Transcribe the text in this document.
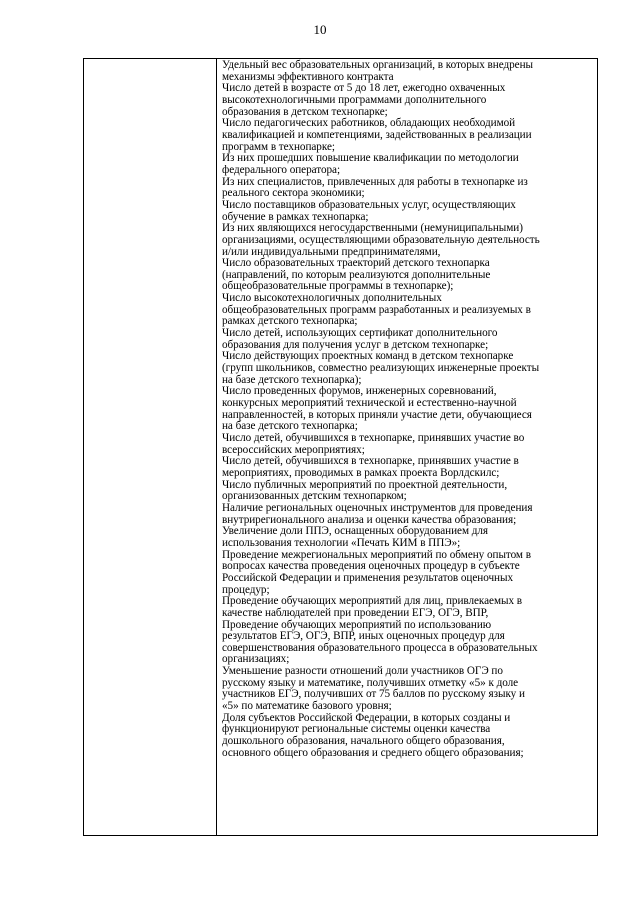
10

Удельный вес образовательных организаций, в которых внедрены
механизмы эффективного контракта
Число детей в возрасте от 5 до 18 лет, ежегодно охваченных
высокотехнологичными программами дополнительного
образования в детском технопарке;
Число педагогических работников, обладающих необходимой
квалификацией и компетенциями, задействованных в реализации
программ в технопарке;
Из них прошедших повышение квалификации по методологии
федерального оператора;
Из них специалистов, привлеченных для работы в технопарке из
реального сектора экономики;
Число поставщиков образовательных услуг, осуществляющих
обучение в рамках технопарка;
Из них являющихся негосударственными (немуниципальными)
организациями, осуществляющими образовательную деятельность
и/или индивидуальными предпринимателями,
Число образовательных траекторий детского технопарка
(направлений, по которым реализуются дополнительные
общеобразовательные программы в технопарке);
Число высокотехнологичных дополнительных
общеобразовательных программ разработанных и реализуемых в
рамках детского технопарка;
Число детей, использующих сертификат дополнительного
образования для получения услуг в детском технопарке;
Число действующих проектных команд в детском технопарке
(групп школьников, совместно реализующих инженерные проекты
на базе детского технопарка);
Число проведенных форумов, инженерных соревнований,
конкурсных мероприятий технической и естественно-научной
направленностей, в которых приняли участие дети, обучающиеся
на базе детского технопарка;
Число детей, обучившихся в технопарке, принявших участие во
всероссийских мероприятиях;
Число детей, обучившихся в технопарке, принявших участие в
мероприятиях, проводимых в рамках проекта Ворлдскилс;
Число публичных мероприятий по проектной деятельности,
организованных детским технопарком;
Наличие региональных оценочных инструментов для проведения
внутрирегионального анализа и оценки качества образования;
Увеличение доли ППЭ, оснащенных оборудованием для
использования технологии «Печать КИМ в ППЭ»;
Проведение межрегиональных мероприятий по обмену опытом в
вопросах качества проведения оценочных процедур в субъекте
Российской Федерации и применения результатов оценочных
процедур;
Проведение обучающих мероприятий для лиц, привлекаемых в
качестве наблюдателей при проведении ЕГЭ, ОГЭ, ВПР,
Проведение обучающих мероприятий по использованию
результатов ЕГЭ, ОГЭ, ВПР, иных оценочных процедур для
совершенствования образовательного процесса в образовательных
организациях;
Уменьшение разности отношений доли участников ОГЭ по
русскому языку и математике, получивших отметку «5» к доле
участников ЕГЭ, получивших от 75 баллов по русскому языку и
«5» по математике базового уровня;
Доля субъектов Российской Федерации, в которых созданы и
функционируют региональные системы оценки качества
дошкольного образования, начального общего образования,
основного общего образования и среднего общего образования;
